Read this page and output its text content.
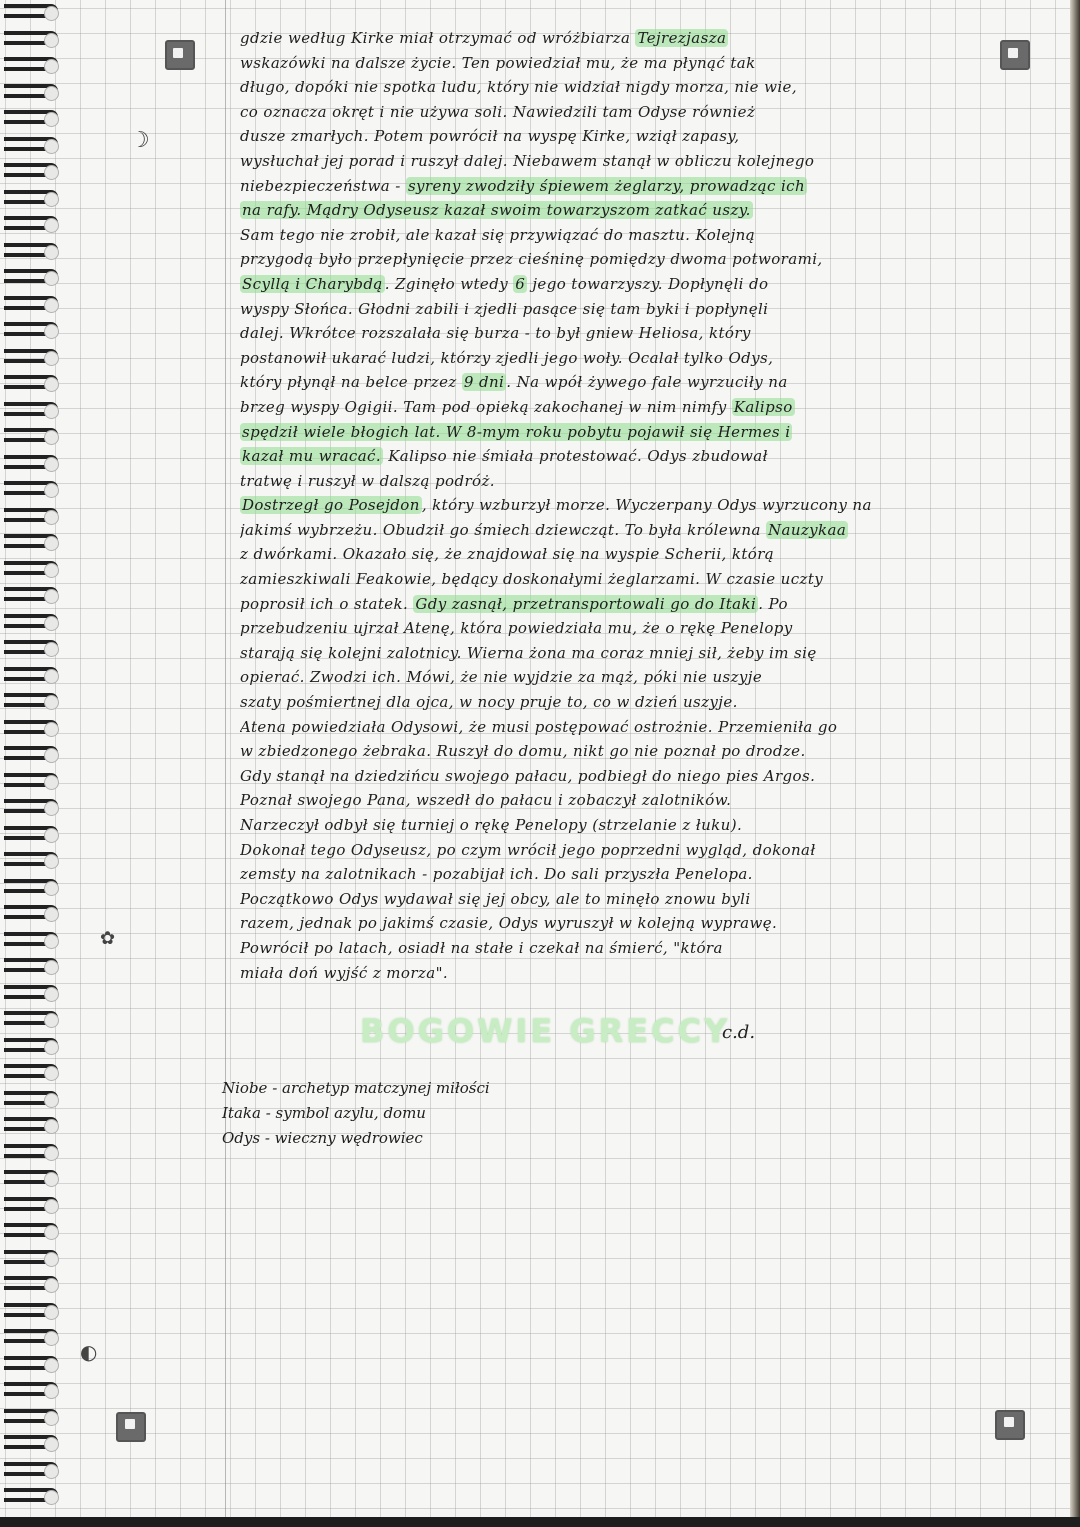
☽
✿
◐
gdzie według Kirke miał otrzymać od wróżbiarza Tejrezjasza
wskazówki na dalsze życie. Ten powiedział mu, że ma płynąć tak
długo, dopóki nie spotka ludu, który nie widział nigdy morza, nie wie,
co oznacza okręt i nie używa soli. Nawiedzili tam Odyse również
dusze zmarłych. Potem powrócił na wyspę Kirke, wziął zapasy,
wysłuchał jej porad i ruszył dalej. Niebawem stanął w obliczu kolejnego
niebezpieczeństwa - syreny zwodziły śpiewem żeglarzy, prowadząc ich
na rafy. Mądry Odyseusz kazał swoim towarzyszom zatkać uszy.
Sam tego nie zrobił, ale kazał się przywiązać do masztu. Kolejną
przygodą było przepłynięcie przez cieśninę pomiędzy dwoma potworami,
Scyllą i Charybdą . Zginęło wtedy 6 jego towarzyszy. Dopłynęli do
wyspy Słońca. Głodni zabili i zjedli pasące się tam byki i popłynęli
dalej. Wkrótce rozszalała się burza - to był gniew Heliosa, który
postanowił ukarać ludzi, którzy zjedli jego woły. Ocalał tylko Odys,
który płynął na belce przez 9 dni . Na wpół żywego fale wyrzuciły na
brzeg wyspy Ogigii. Tam pod opieką zakochanej w nim nimfy Kalipso
spędził wiele błogich lat. W 8-mym roku pobytu pojawił się Hermes i
kazał mu wracać. Kalipso nie śmiała protestować. Odys zbudował
tratwę i ruszył w dalszą podróż.
Dostrzegł go Posejdon , który wzburzył morze. Wyczerpany Odys wyrzucony na
jakimś wybrzeżu. Obudził go śmiech dziewcząt. To była królewna Nauzykaa
z dwórkami. Okazało się, że znajdował się na wyspie Scherii, którą
zamieszkiwali Feakowie, będący doskonałymi żeglarzami. W czasie uczty
poprosił ich o statek. Gdy zasnął, przetransportowali go do Itaki . Po
przebudzeniu ujrzał Atenę, która powiedziała mu, że o rękę Penelopy
starają się kolejni zalotnicy. Wierna żona ma coraz mniej sił, żeby im się
opierać. Zwodzi ich. Mówi, że nie wyjdzie za mąż, póki nie uszyje
szaty pośmiertnej dla ojca, w nocy pruje to, co w dzień uszyje.
Atena powiedziała Odysowi, że musi postępować ostrożnie. Przemieniła go
w zbiedzonego żebraka. Ruszył do domu, nikt go nie poznał po drodze.
Gdy stanął na dziedzińcu swojego pałacu, podbiegł do niego pies Argos.
Poznał swojego Pana, wszedł do pałacu i zobaczył zalotników.
Narzeczył odbył się turniej o rękę Penelopy (strzelanie z łuku).
Dokonał tego Odyseusz, po czym wrócił jego poprzedni wygląd, dokonał
zemsty na zalotnikach - pozabijał ich. Do sali przyszła Penelopa.
Początkowo Odys wydawał się jej obcy, ale to minęło znowu byli
razem, jednak po jakimś czasie, Odys wyruszył w kolejną wyprawę.
Powrócił po latach, osiadł na stałe i czekał na śmierć, "która
miała doń wyjść z morza".
BOGOWIE GRECCY
c.d.
Niobe - archetyp matczynej miłości
Itaka - symbol azylu, domu
Odys - wieczny wędrowiec
